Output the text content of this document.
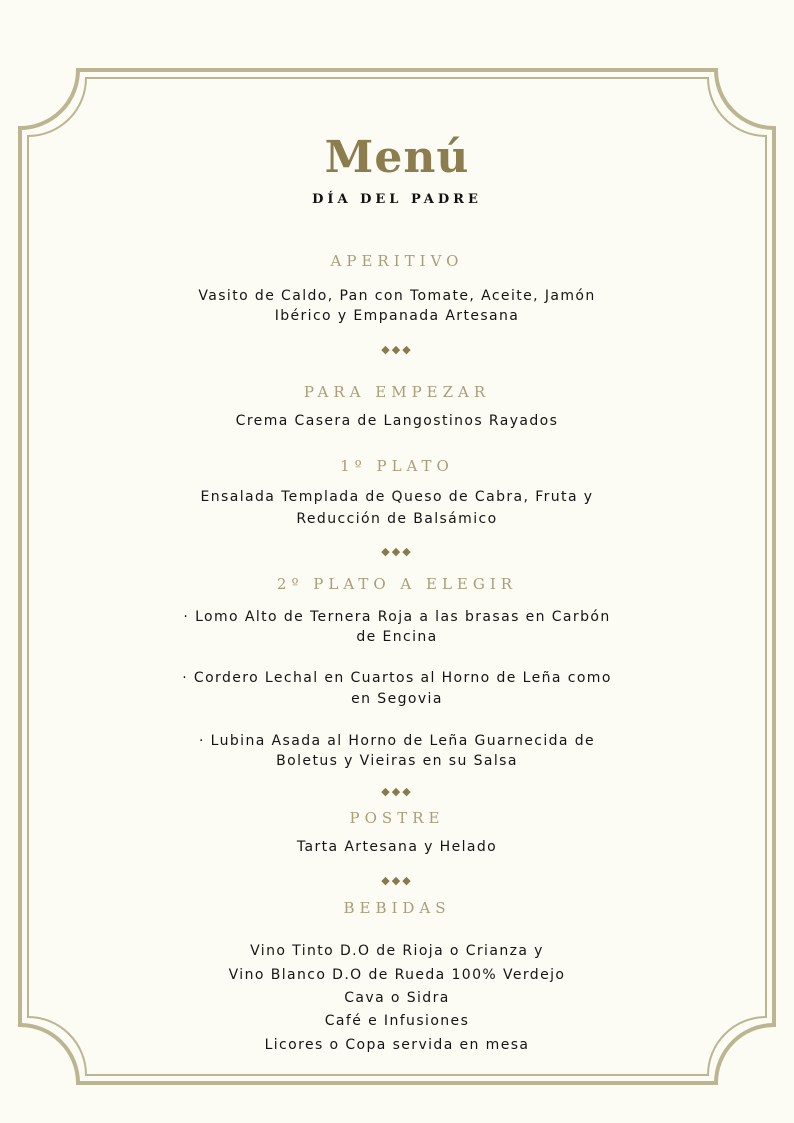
Menú
DÍA DEL PADRE
APERITIVO
Vasito de Caldo, Pan con Tomate, Aceite, Jamón
Ibérico y Empanada Artesana
◆◆◆
PARA EMPEZAR
Crema Casera de Langostinos Rayados
1º PLATO
Ensalada Templada de Queso de Cabra, Fruta y
Reducción de Balsámico
◆◆◆
2º PLATO A ELEGIR
· Lomo Alto de Ternera Roja a las brasas en Carbón
de Encina
· Cordero Lechal en Cuartos al Horno de Leña como
en Segovia
· Lubina Asada al Horno de Leña Guarnecida de
Boletus y Vieiras en su Salsa
◆◆◆
POSTRE
Tarta Artesana y Helado
◆◆◆
BEBIDAS
Vino Tinto D.O de Rioja o Crianza y
Vino Blanco D.O de Rueda 100% Verdejo
Cava o Sidra
Café e Infusiones
Licores o Copa servida en mesa
